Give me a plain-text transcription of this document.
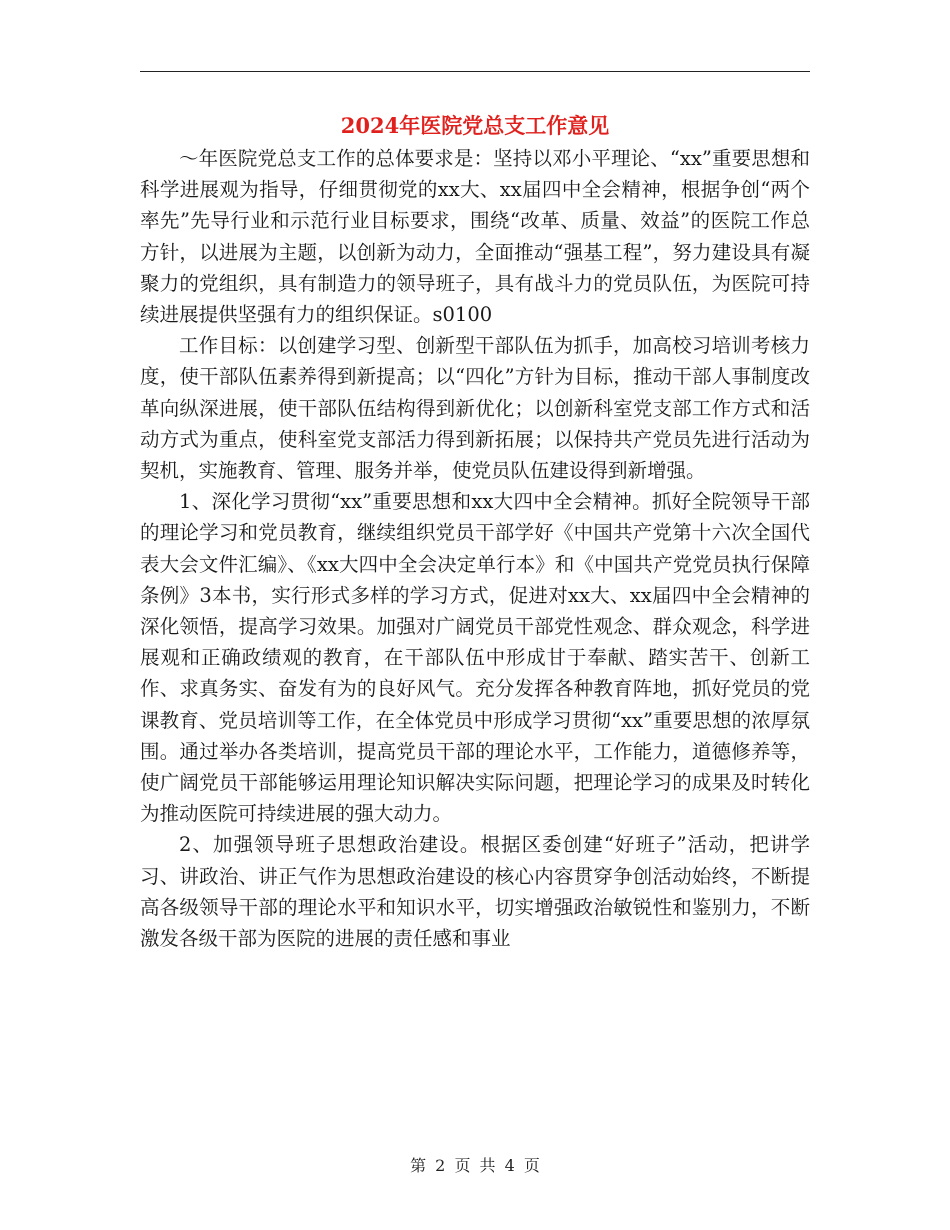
2024年医院党总支工作意见

～年医院党总支工作的总体要求是：坚持以邓小平理论、“xx”重要思想和科学进展观为指导，仔细贯彻党的xx大、xx届四中全会精神，根据争创“两个率先”先导行业和示范行业目标要求，围绕“改革、质量、效益”的医院工作总方针，以进展为主题，以创新为动力，全面推动“强基工程”，努力建设具有凝聚力的党组织，具有制造力的领导班子，具有战斗力的党员队伍，为医院可持续进展提供坚强有力的组织保证。s0100

工作目标：以创建学习型、创新型干部队伍为抓手，加高校习培训考核力度，使干部队伍素养得到新提高；以“四化”方针为目标，推动干部人事制度改革向纵深进展，使干部队伍结构得到新优化；以创新科室党支部工作方式和活动方式为重点，使科室党支部活力得到新拓展；以保持共产党员先进行活动为契机，实施教育、管理、服务并举，使党员队伍建设得到新增强。

1、深化学习贯彻“xx”重要思想和xx大四中全会精神。抓好全院领导干部的理论学习和党员教育，继续组织党员干部学好《中国共产党第十六次全国代表大会文件汇编》、《xx大四中全会决定单行本》和《中国共产党党员执行保障条例》3本书，实行形式多样的学习方式，促进对xx大、xx届四中全会精神的深化领悟，提高学习效果。加强对广阔党员干部党性观念、群众观念，科学进展观和正确政绩观的教育，在干部队伍中形成甘于奉献、踏实苦干、创新工作、求真务实、奋发有为的良好风气。充分发挥各种教育阵地，抓好党员的党课教育、党员培训等工作，在全体党员中形成学习贯彻“xx”重要思想的浓厚氛围。通过举办各类培训，提高党员干部的理论水平，工作能力，道德修养等，使广阔党员干部能够运用理论知识解决实际问题，把理论学习的成果及时转化为推动医院可持续进展的强大动力。

2、加强领导班子思想政治建设。根据区委创建“好班子”活动，把讲学习、讲政治、讲正气作为思想政治建设的核心内容贯穿争创活动始终，不断提高各级领导干部的理论水平和知识水平，切实增强政治敏锐性和鉴别力，不断激发各级干部为医院的进展的责任感和事业

第 2 页 共 4 页
